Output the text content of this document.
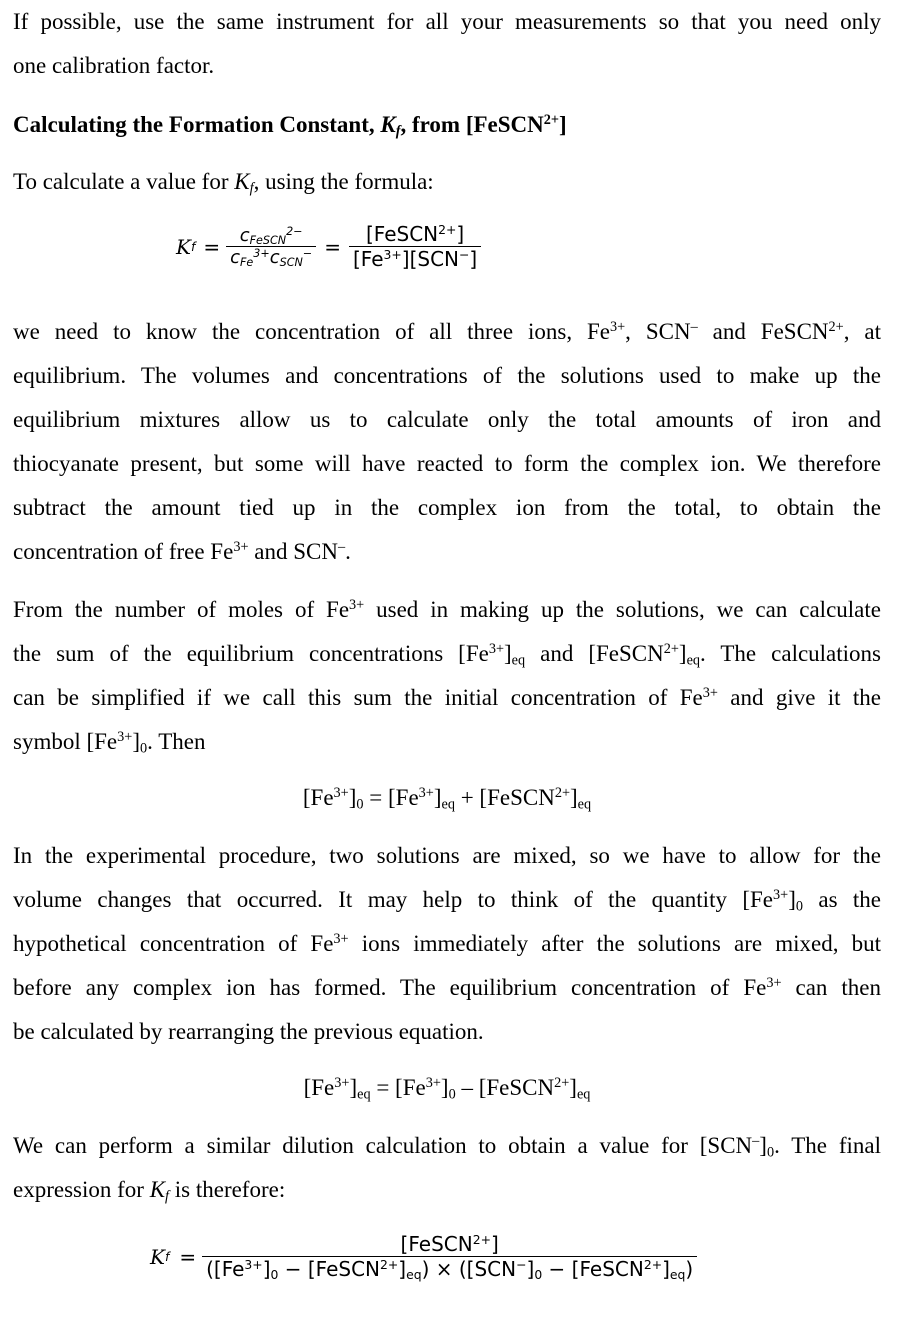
If possible, use the same instrument for all your measurements so that you need only

one calibration factor.

Calculating the Formation Constant, $K_f$, from [FeSCN$^{2+}$]
To calculate a value for $K_f$, using the formula:
K $f = \frac{c_{FeSCN}^{2-}}{c_{Fe}^{3+}c_{SCN}^-} = \frac{[FeSCN^{2+}]}{[Fe^{3+}][SCN^-]}$

we need to know the concentration of all three ions, $Fe^{3+}$, SCN– and FeSCN$^{2+}$, at

equilibrium. The volumes and concentrations of the solutions used to make up the

equilibrium mixtures allow us to calculate only the total amounts of iron and

thiocyanate present, but some will have reacted to form the complex ion. We therefore

subtract the amount tied up in the complex ion from the total, to obtain the

concentration of free $Fe^{3+}$ and SCN–.

From the number of moles of $Fe^{3+}$ used in making up the solutions, we can calculate

the sum of the equilibrium concentrations $[Fe^{3+}]_{eq}$ and $[FeSCN^{2+}]_{eq}$. The calculations

can be simplified if we call this sum the initial concentration of $Fe^{3+}$ and give it the

symbol $[Fe^{3+}]_0$. Then

$[Fe^{3+}]_0 = [Fe^{3+}]_{eq}$ + $[FeSCN^{2+}]_{eq}$

In the experimental procedure, two solutions are mixed, so we have to allow for the

volume changes that occurred. It may help to think of the quantity $[Fe^{3+}]_0$ as the

hypothetical concentration of $Fe^{3+}$ ions immediately after the solutions are mixed, but

before any complex ion has formed. The equilibrium concentration of $Fe^{3+}$ can then

be calculated by rearranging the previous equation.

$[Fe^{3+}]_{eq} = [Fe^{3+}]_0$ – $[FeSCN^{2+}]_{eq}$

We can perform a similar dilution calculation to obtain a value for $[SCN^-]_0$. The final

expression for $K_f$ is therefore:

K $f = \frac{[FeSCN^{2+}]}{([Fe^{3+}]_0 - [FeSCN^{2+}]_{eq}) \times ([SCN^-]_0 - [FeSCN^{2+}]_{eq})}$
